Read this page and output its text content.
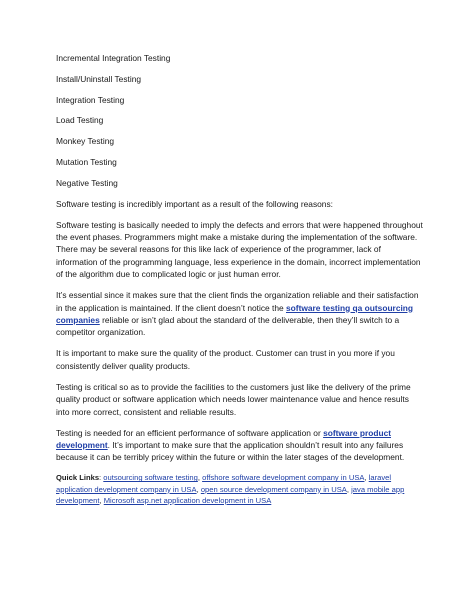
Incremental Integration Testing
Install/Uninstall Testing
Integration Testing
Load Testing
Monkey Testing
Mutation Testing
Negative Testing

Software testing is incredibly important as a result of the following reasons:

Software testing is basically needed to imply the defects and errors that were happened throughout the event phases. Programmers might make a mistake during the implementation of the software. There may be several reasons for this like lack of experience of the programmer, lack of information of the programming language, less experience in the domain, incorrect implementation of the algorithm due to complicated logic or just human error.

It’s essential since it makes sure that the client finds the organization reliable and their satisfaction in the application is maintained. If the client doesn’t notice the software testing qa outsourcing companies reliable or isn’t glad about the standard of the deliverable, then they’ll switch to a competitor organization.

It is important to make sure the quality of the product. Customer can trust in you more if you consistently deliver quality products.

Testing is critical so as to provide the facilities to the customers just like the delivery of the prime quality product or software application which needs lower maintenance value and hence results into more correct, consistent and reliable results.

Testing is needed for an efficient performance of software application or software product development. It’s important to make sure that the application shouldn’t result into any failures because it can be terribly pricey within the future or within the later stages of the development.

Quick Links: outsourcing software testing, offshore software development company in USA, laravel application development company in USA, open source development company in USA, java mobile app development, Microsoft asp.net application development in USA
